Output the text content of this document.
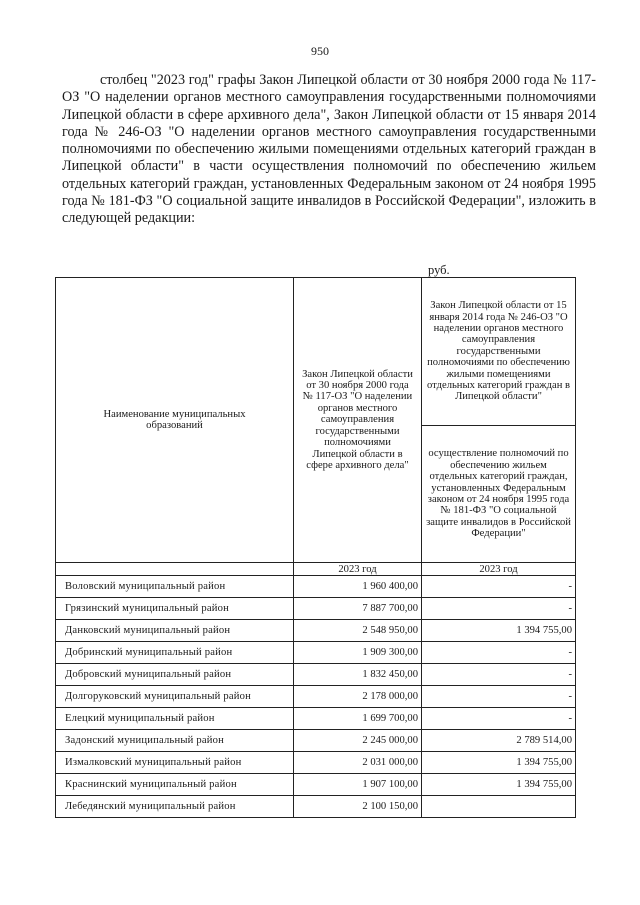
950

столбец "2023 год" графы Закон Липецкой области от 30 ноября 2000 года № 117-ОЗ "О наделении органов местного самоуправления государственными полномочиями Липецкой области в сфере архивного дела", Закон Липецкой области от 15 января 2014 года № 246-ОЗ "О наделении органов местного самоуправления государственными полномочиями по обеспечению жилыми помещениями отдельных категорий граждан в Липецкой области" в части осуществления полномочий по обеспечению жильем отдельных категорий граждан, установленных Федеральным законом от 24 ноября 1995 года № 181-ФЗ "О социальной защите инвалидов в Российской Федерации", изложить в следующей редакции:

руб.
Наименование муниципальных образований	Закон Липецкой области от 30 ноября 2000 года № 117-ОЗ "О наделении органов местного самоуправления государственными полномочиями Липецкой области в сфере архивного дела"	Закон Липецкой области от 15 января 2014 года № 246-ОЗ "О наделении органов местного самоуправления государственными полномочиями по обеспечению жилыми помещениями отдельных категорий граждан в Липецкой области"
		осуществление полномочий по обеспечению жильем отдельных категорий граждан, установленных Федеральным законом от 24 ноября 1995 года № 181-ФЗ "О социальной защите инвалидов в Российской Федерации"
	2023 год	2023 год
Воловский муниципальный район	1 960 400,00	-
Грязинский муниципальный район	7 887 700,00	-
Данковский муниципальный район	2 548 950,00	1 394 755,00
Добринский муниципальный район	1 909 300,00	-
Добровский муниципальный район	1 832 450,00	-
Долгоруковский муниципальный район	2 178 000,00	-
Елецкий муниципальный район	1 699 700,00	-
Задонский муниципальный район	2 245 000,00	2 789 514,00
Измалковский муниципальный район	2 031 000,00	1 394 755,00
Краснинский муниципальный район	1 907 100,00	1 394 755,00
Лебедянский муниципальный район	2 100 150,00	
